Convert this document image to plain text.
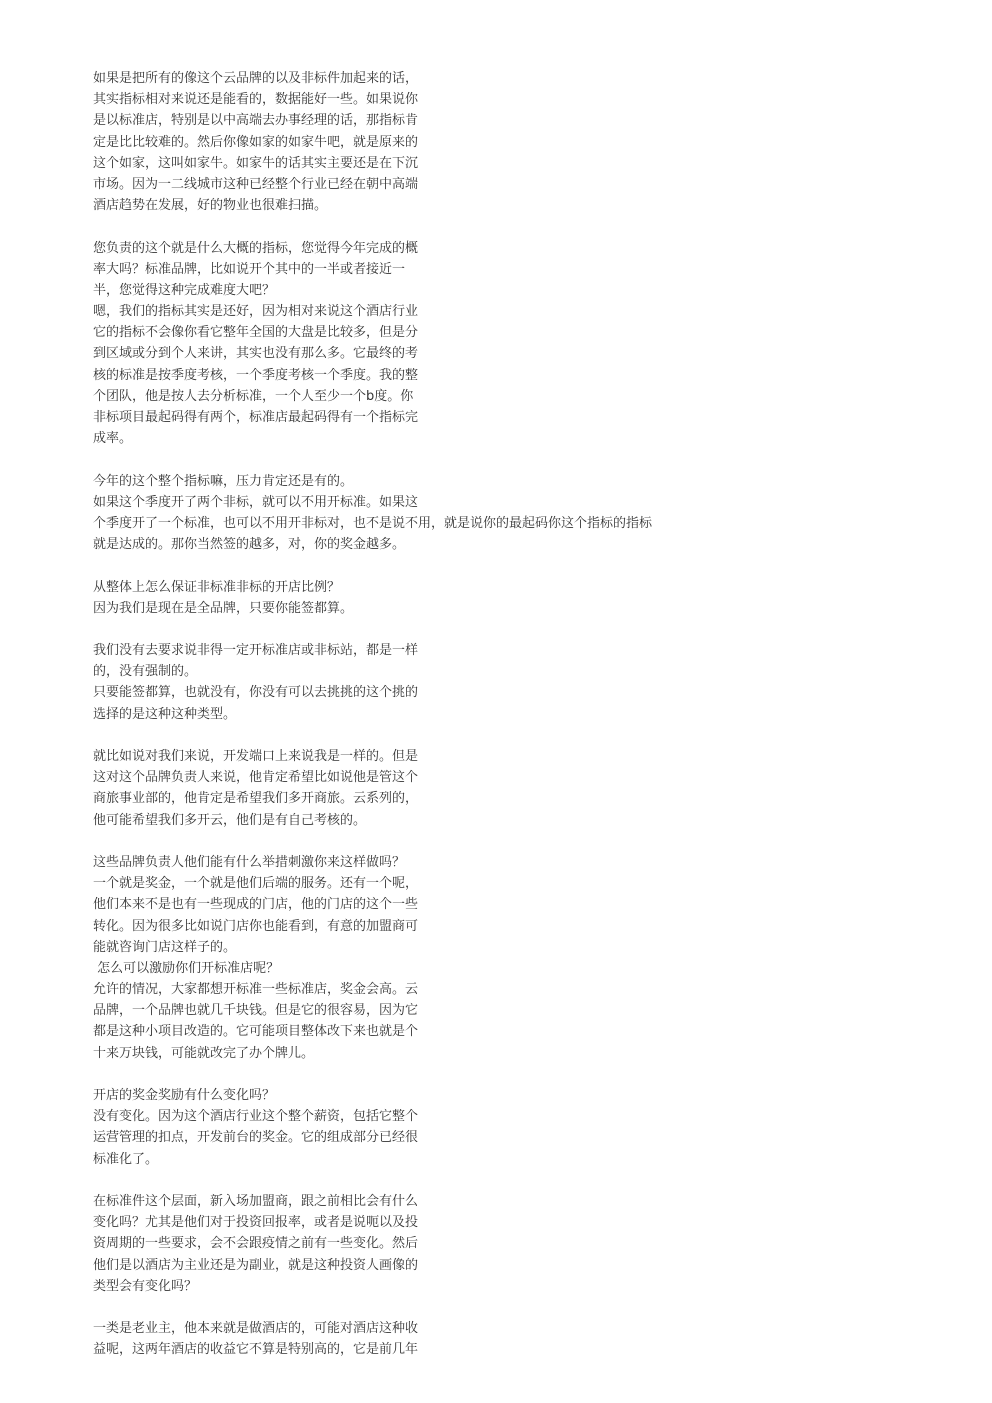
如果是把所有的像这个云品牌的以及非标件加起来的话，
其实指标相对来说还是能看的，数据能好一些。如果说你
是以标准店，特别是以中高端去办事经理的话，那指标肯
定是比比较难的。然后你像如家的如家牛吧，就是原来的
这个如家，这叫如家牛。如家牛的话其实主要还是在下沉
市场。因为一二线城市这种已经整个行业已经在朝中高端
酒店趋势在发展，好的物业也很难扫描。
您负责的这个就是什么大概的指标，您觉得今年完成的概
率大吗？标准品牌，比如说开个其中的一半或者接近一
半，您觉得这种完成难度大吧？
嗯，我们的指标其实是还好，因为相对来说这个酒店行业
它的指标不会像你看它整年全国的大盘是比较多，但是分
到区域或分到个人来讲，其实也没有那么多。它最终的考
核的标准是按季度考核，一个季度考核一个季度。我的整
个团队，他是按人去分析标准，一个人至少一个b度。你
非标项目最起码得有两个，标准店最起码得有一个指标完
成率。
今年的这个整个指标嘛，压力肯定还是有的。
如果这个季度开了两个非标，就可以不用开标准。如果这
个季度开了一个标准，也可以不用开非标对，也不是说不用，就是说你的最起码你这个指标的指标
就是达成的。那你当然签的越多，对，你的奖金越多。
从整体上怎么保证非标准非标的开店比例？
因为我们是现在是全品牌，只要你能签都算。
我们没有去要求说非得一定开标准店或非标站，都是一样
的，没有强制的。
只要能签都算，也就没有，你没有可以去挑挑的这个挑的
选择的是这种这种类型。
就比如说对我们来说，开发端口上来说我是一样的。但是
这对这个品牌负责人来说，他肯定希望比如说他是管这个
商旅事业部的，他肯定是希望我们多开商旅。云系列的，
他可能希望我们多开云，他们是有自己考核的。
这些品牌负责人他们能有什么举措刺激你来这样做吗？
一个就是奖金，一个就是他们后端的服务。还有一个呢，
他们本来不是也有一些现成的门店，他的门店的这个一些
转化。因为很多比如说门店你也能看到，有意的加盟商可
能就咨询门店这样子的。
怎么可以激励你们开标准店呢？
允许的情况，大家都想开标准一些标准店，奖金会高。云
品牌，一个品牌也就几千块钱。但是它的很容易，因为它
都是这种小项目改造的。它可能项目整体改下来也就是个
十来万块钱，可能就改完了办个牌儿。
开店的奖金奖励有什么变化吗？
没有变化。因为这个酒店行业这个整个薪资，包括它整个
运营管理的扣点，开发前台的奖金。它的组成部分已经很
标准化了。
在标准件这个层面，新入场加盟商，跟之前相比会有什么
变化吗？尤其是他们对于投资回报率，或者是说呃以及投
资周期的一些要求，会不会跟疫情之前有一些变化。然后
他们是以酒店为主业还是为副业，就是这种投资人画像的
类型会有变化吗？
一类是老业主，他本来就是做酒店的，可能对酒店这种收
益呢，这两年酒店的收益它不算是特别高的，它是前几年
